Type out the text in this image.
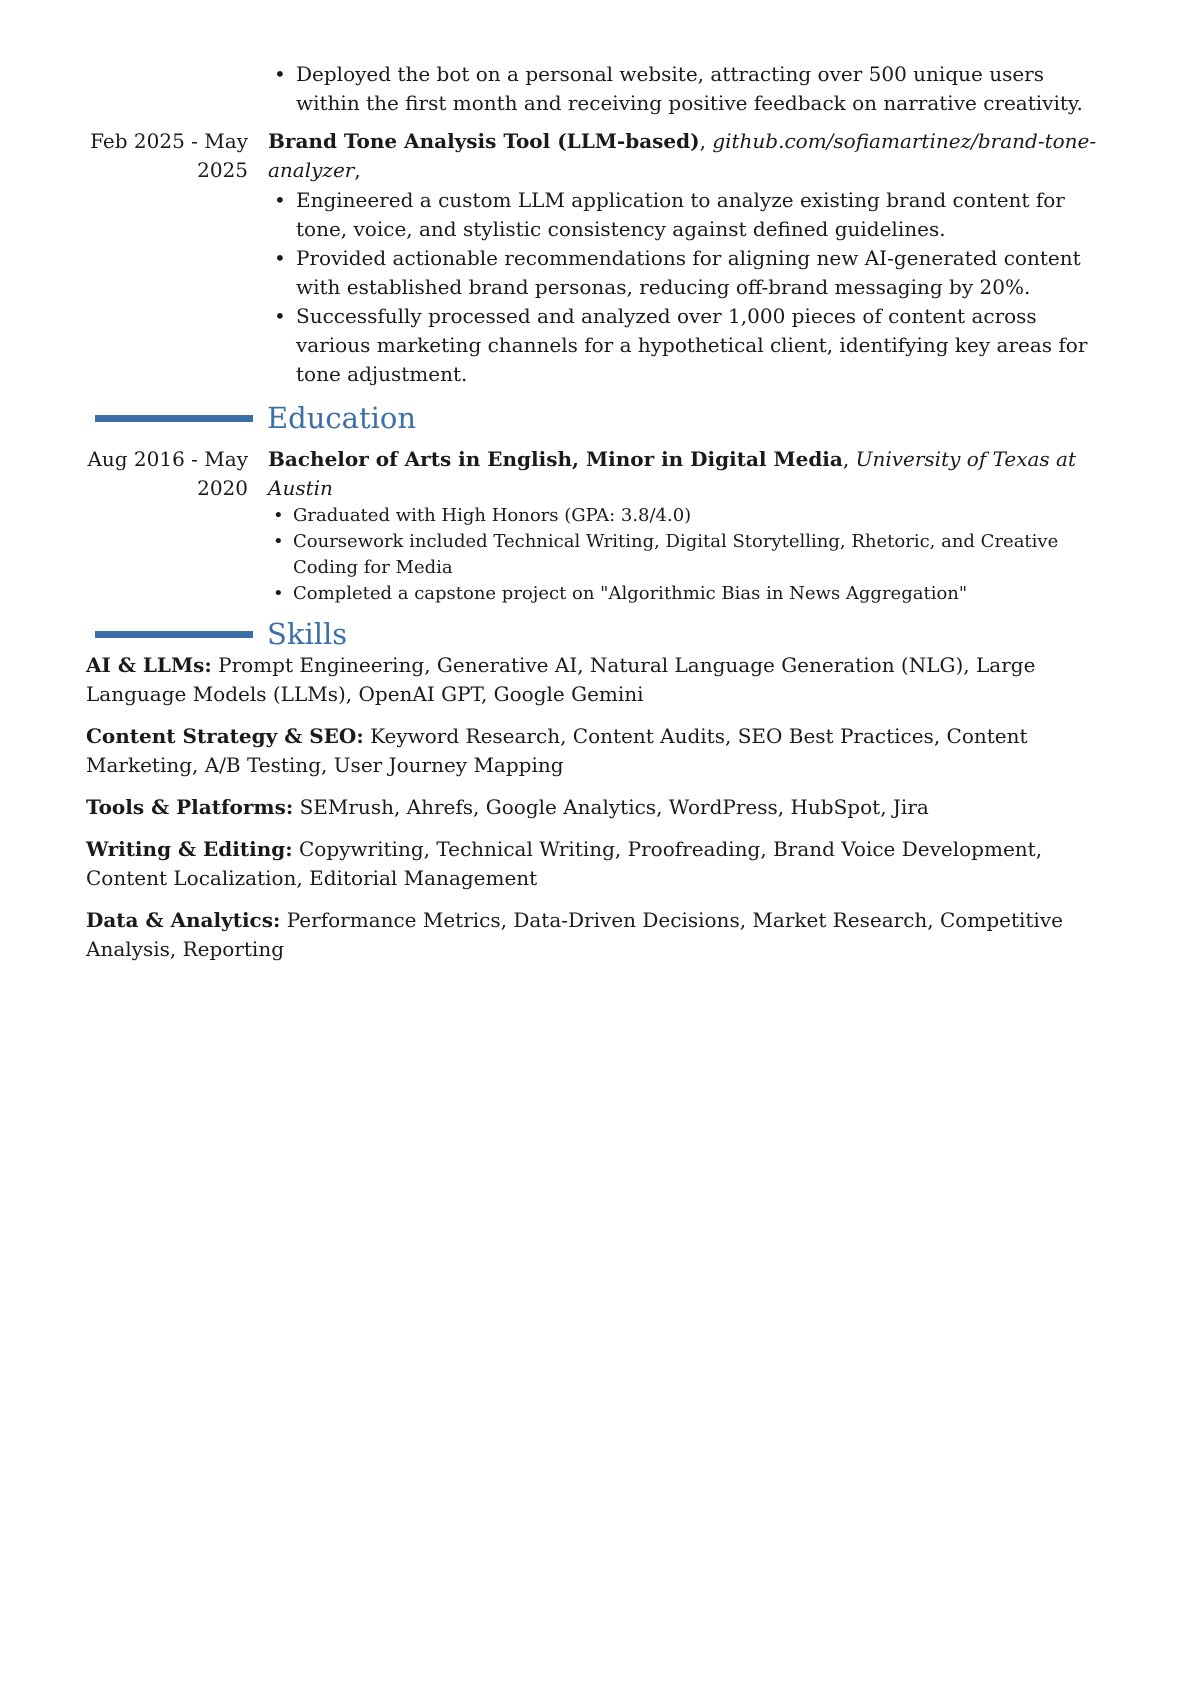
• Deployed the bot on a personal website, attracting over 500 unique users within the first month and receiving positive feedback on narrative creativity.
Feb 2025 - May 2025
Brand Tone Analysis Tool (LLM-based), github.com/sofiamartinez/brand-tone-analyzer,
• Engineered a custom LLM application to analyze existing brand content for tone, voice, and stylistic consistency against defined guidelines.
• Provided actionable recommendations for aligning new AI-generated content with established brand personas, reducing off-brand messaging by 20%.
• Successfully processed and analyzed over 1,000 pieces of content across various marketing channels for a hypothetical client, identifying key areas for tone adjustment.
Education
Aug 2016 - May 2020
Bachelor of Arts in English, Minor in Digital Media, University of Texas at Austin
• Graduated with High Honors (GPA: 3.8/4.0)
• Coursework included Technical Writing, Digital Storytelling, Rhetoric, and Creative Coding for Media
• Completed a capstone project on "Algorithmic Bias in News Aggregation"
Skills
AI & LLMs: Prompt Engineering, Generative AI, Natural Language Generation (NLG), Large Language Models (LLMs), OpenAI GPT, Google Gemini
Content Strategy & SEO: Keyword Research, Content Audits, SEO Best Practices, Content Marketing, A/B Testing, User Journey Mapping
Tools & Platforms: SEMrush, Ahrefs, Google Analytics, WordPress, HubSpot, Jira
Writing & Editing: Copywriting, Technical Writing, Proofreading, Brand Voice Development, Content Localization, Editorial Management
Data & Analytics: Performance Metrics, Data-Driven Decisions, Market Research, Competitive Analysis, Reporting
